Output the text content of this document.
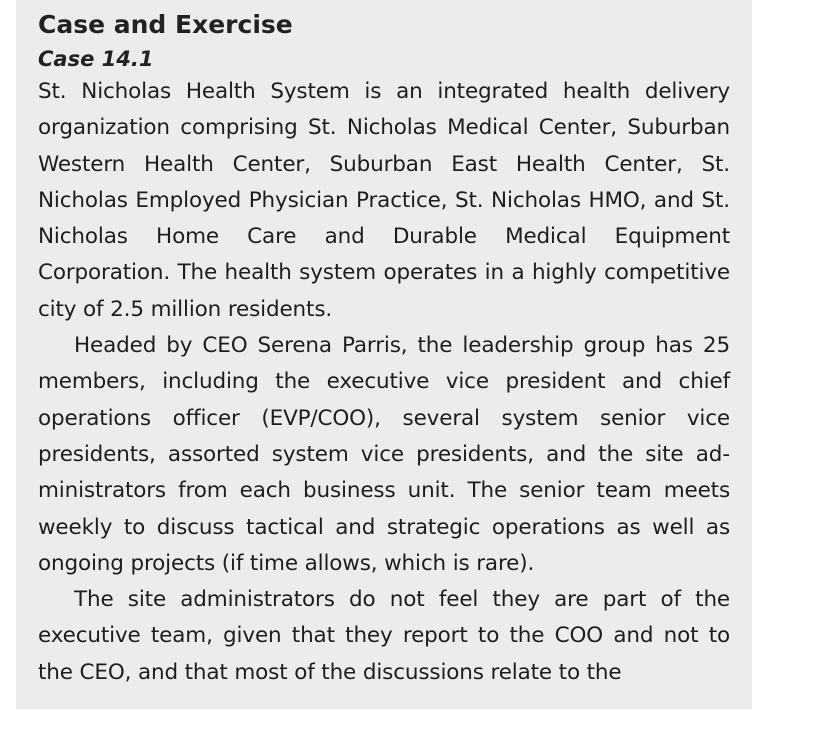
Case and Exercise
Case 14.1

St. Nicholas Health System is an integrated health delivery organization comprising St. Nicholas Medical Center, Suburban Western Health Center, Suburban East Health Center, St. Nicholas Employed Physician Practice, St. Nicholas HMO, and St. Nicholas Home Care and Durable Medical Equipment Corporation. The health system operates in a highly competitive city of 2.5 million residents.

Headed by CEO Serena Parris, the leadership group has 25 members, including the executive vice president and chief operations officer (EVP/COO), several system senior vice presidents, assorted system vice presidents, and the site administrators from each business unit. The senior team meets weekly to discuss tactical and strategic operations as well as ongoing projects (if time allows, which is rare).

The site administrators do not feel they are part of the executive team, given that they report to the COO and not to the CEO, and that most of the discussions relate to the
